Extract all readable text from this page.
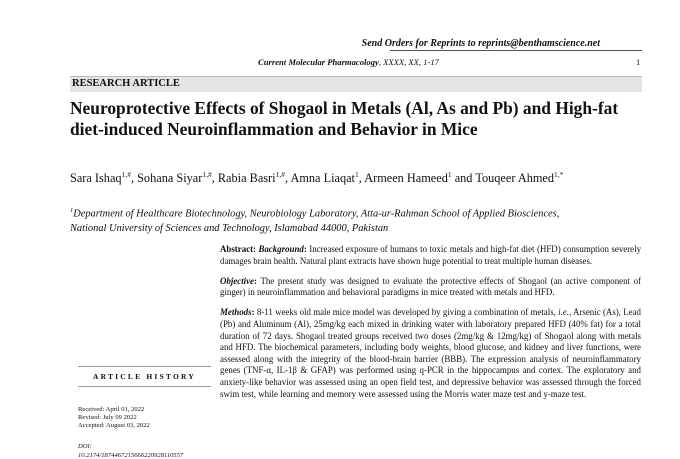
Send Orders for Reprints to reprints@benthamscience.net
Current Molecular Pharmacology, XXXX, XX, 1-17	1
RESEARCH ARTICLE
Neuroprotective Effects of Shogaol in Metals (Al, As and Pb) and High-fat diet-induced Neuroinflammation and Behavior in Mice
Sara Ishaq$^{1,\#}$, Sohana Siyar$^{1,\#}$, Rabia Basri$^{1,\#}$, Amna Liaqat$^1$, Armeen Hameed$^1$ and Touqeer Ahmed$^{1,*}$
$^1$Department of Healthcare Biotechnology, Neurobiology Laboratory, Atta-ur-Rahman School of Applied Biosciences,
National University of Sciences and Technology, Islamabad 44000, Pakistan

Abstract: Background: Increased exposure of humans to toxic metals and high-fat diet (HFD) consumption severely damages brain health. Natural plant extracts have shown huge potential to treat multiple human diseases.

Objective: The present study was designed to evaluate the protective effects of Shogaol (an active component of ginger) in neuroinflammation and behavioral paradigms in mice treated with metals and HFD.

Methods: 8-11 weeks old male mice model was developed by giving a combination of metals, i.e., Arsenic (As), Lead (Pb) and Aluminum (Al), 25mg/kg each mixed in drinking water with laboratory prepared HFD (40% fat) for a total duration of 72 days. Shogaol treated groups received two doses (2mg/kg & 12mg/kg) of Shogaol along with metals and HFD. The biochemical parameters, including body weights, blood glucose, and kidney and liver functions, were assessed along with the integrity of the blood-brain barrier (BBB). The expression analysis of neuroinflammatory genes (TNF-α, IL-1β & GFAP) was performed using q-PCR in the hippocampus and cortex. The exploratory and anxiety-like behavior was assessed using an open field test, and depressive behavior was assessed through the forced swim test, while learning and memory were assessed using the Morris water maze test and y-maze test.

ARTICLE HISTORY
Received: April 01, 2022
Revised: July 09 2022
Accepted: August 03, 2022
DOI:
10.2174/1874467215666220928110557
